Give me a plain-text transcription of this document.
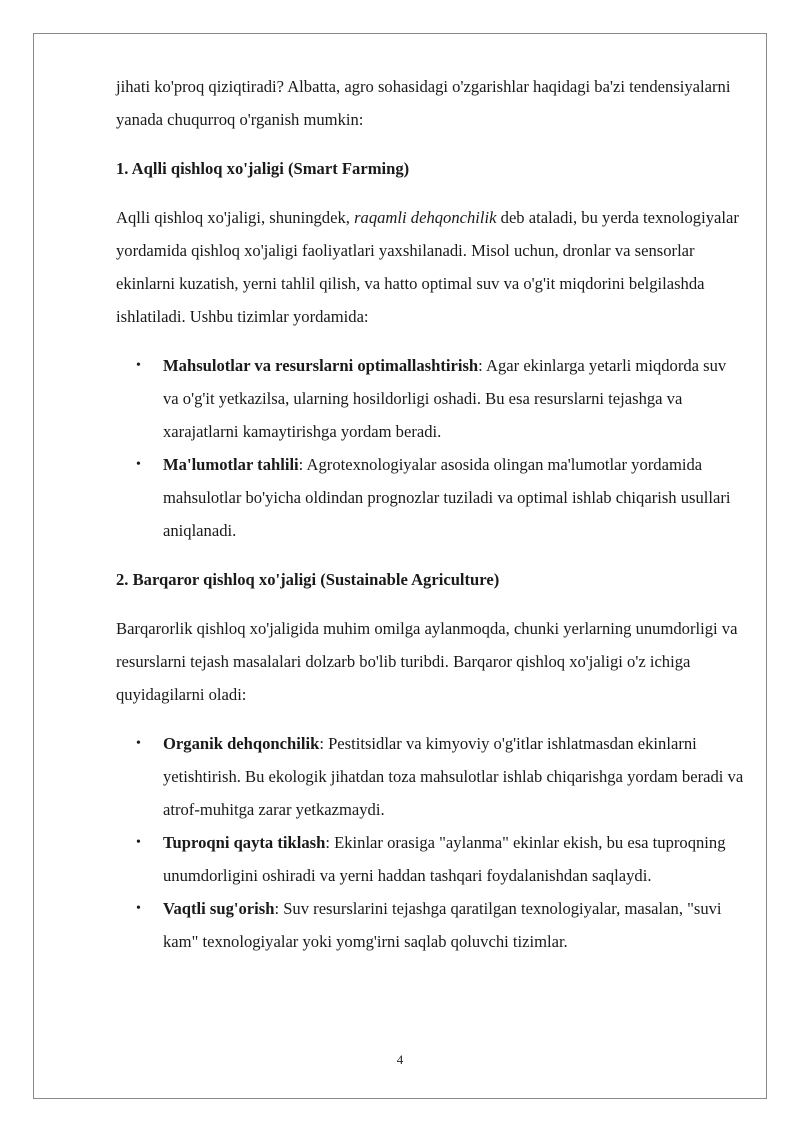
jihati ko'proq qiziqtiradi? Albatta, agro sohasidagi o'zgarishlar haqidagi ba'zi tendensiyalarni yanada chuqurroq o'rganish mumkin:

1. Aqlli qishloq xo'jaligi (Smart Farming)

Aqlli qishloq xo'jaligi, shuningdek, raqamli dehqonchilik deb ataladi, bu yerda texnologiyalar yordamida qishloq xo'jaligi faoliyatlari yaxshilanadi. Misol uchun, dronlar va sensorlar ekinlarni kuzatish, yerni tahlil qilish, va hatto optimal suv va o'g'it miqdorini belgilashda ishlatiladi. Ushbu tizimlar yordamida:

• Mahsulotlar va resurslarni optimallashtirish: Agar ekinlarga yetarli miqdorda suv va o'g'it yetkazilsa, ularning hosildorligi oshadi. Bu esa resurslarni tejashga va xarajatlarni kamaytirishga yordam beradi.
• Ma'lumotlar tahlili: Agrotexnologiyalar asosida olingan ma'lumotlar yordamida mahsulotlar bo'yicha oldindan prognozlar tuziladi va optimal ishlab chiqarish usullari aniqlanadi.

2. Barqaror qishloq xo'jaligi (Sustainable Agriculture)

Barqarorlik qishloq xo'jaligida muhim omilga aylanmoqda, chunki yerlarning unumdorligi va resurslarni tejash masalalari dolzarb bo'lib turibdi. Barqaror qishloq xo'jaligi o'z ichiga quyidagilarni oladi:

• Organik dehqonchilik: Pestitsidlar va kimyoviy o'g'itlar ishlatmasdan ekinlarni yetishtirish. Bu ekologik jihatdan toza mahsulotlar ishlab chiqarishga yordam beradi va atrof-muhitga zarar yetkazmaydi.
• Tuproqni qayta tiklash: Ekinlar orasiga "aylanma" ekinlar ekish, bu esa tuproqning unumdorligini oshiradi va yerni haddan tashqari foydalanishdan saqlaydi.
• Vaqtli sug'orish: Suv resurslarini tejashga qaratilgan texnologiyalar, masalan, "suvi kam" texnologiyalar yoki yomg'irni saqlab qoluvchi tizimlar.
4
